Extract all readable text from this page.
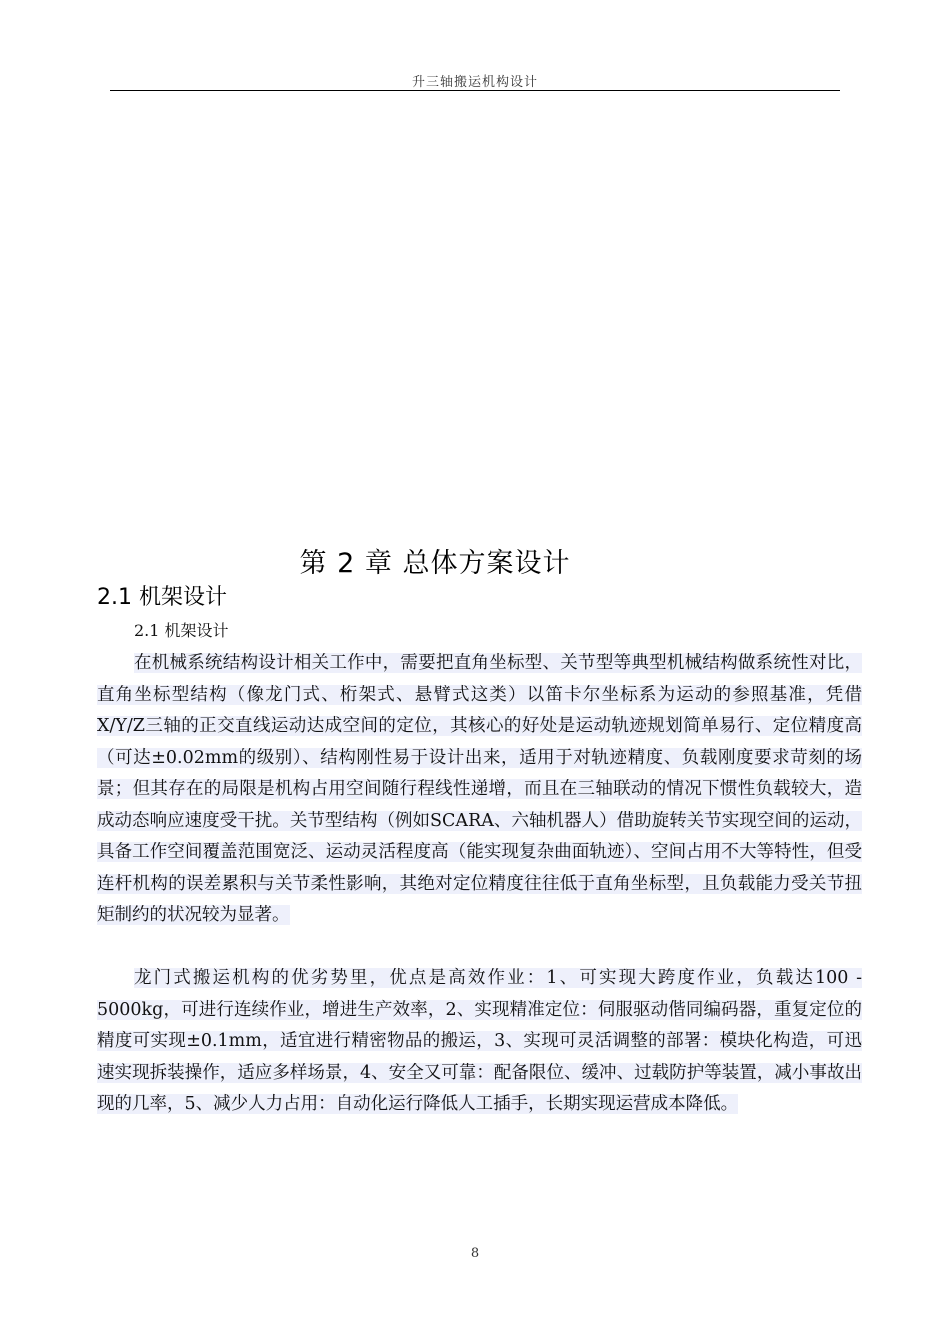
升三轴搬运机构设计
第 2 章 总体方案设计
2.1 机架设计
2.1 机架设计

在机械系统结构设计相关工作中，需要把直角坐标型、关节型等典型机械结构做系统性对比，直角坐标型结构（像龙门式、桁架式、悬臂式这类）以笛卡尔坐标系为运动的参照基准，凭借X/Y/Z三轴的正交直线运动达成空间的定位，其核心的好处是运动轨迹规划简单易行、定位精度高（可达±0.02mm的级别）、结构刚性易于设计出来，适用于对轨迹精度、负载刚度要求苛刻的场景；但其存在的局限是机构占用空间随行程线性递增，而且在三轴联动的情况下惯性负载较大，造成动态响应速度受干扰。关节型结构（例如SCARA、六轴机器人）借助旋转关节实现空间的运动，具备工作空间覆盖范围宽泛、运动灵活程度高（能实现复杂曲面轨迹）、空间占用不大等特性，但受连杆机构的误差累积与关节柔性影响，其绝对定位精度往往低于直角坐标型，且负载能力受关节扭矩制约的状况较为显著。

龙门式搬运机构的优劣势里，优点是高效作业：1、可实现大跨度作业，负载达100 - 5000kg，可进行连续作业，增进生产效率，2、实现精准定位：伺服驱动偕同编码器，重复定位的精度可实现±0.1mm，适宜进行精密物品的搬运，3、实现可灵活调整的部署：模块化构造，可迅速实现拆装操作，适应多样场景，4、安全又可靠：配备限位、缓冲、过载防护等装置，减小事故出现的几率，5、减少人力占用：自动化运行降低人工插手，长期实现运营成本降低。

8
